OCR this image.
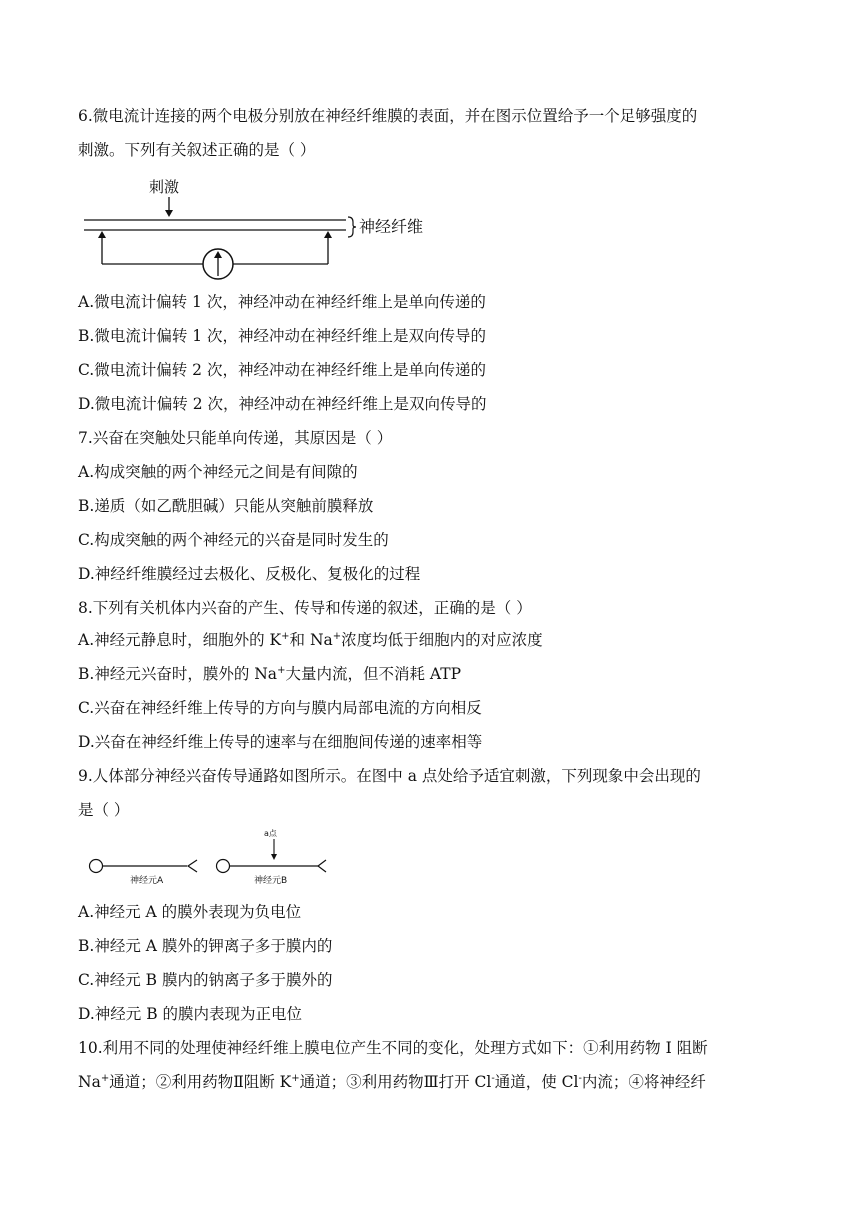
6.微电流计连接的两个电极分别放在神经纤维膜的表面，并在图示位置给予一个足够强度的
刺激。下列有关叙述正确的是（ ）
刺激
神经纤维
A.微电流计偏转 1 次，神经冲动在神经纤维上是单向传递的
B.微电流计偏转 1 次，神经冲动在神经纤维上是双向传导的
C.微电流计偏转 2 次，神经冲动在神经纤维上是单向传递的
D.微电流计偏转 2 次，神经冲动在神经纤维上是双向传导的
7.兴奋在突触处只能单向传递，其原因是（ ）
A.构成突触的两个神经元之间是有间隙的
B.递质（如乙酰胆碱）只能从突触前膜释放
C.构成突触的两个神经元的兴奋是同时发生的
D.神经纤维膜经过去极化、反极化、复极化的过程
8.下列有关机体内兴奋的产生、传导和传递的叙述，正确的是（ ）
A.神经元静息时，细胞外的 K+和 Na+浓度均低于细胞内的对应浓度
B.神经元兴奋时，膜外的 Na+大量内流，但不消耗 ATP
C.兴奋在神经纤维上传导的方向与膜内局部电流的方向相反
D.兴奋在神经纤维上传导的速率与在细胞间传递的速率相等
9.人体部分神经兴奋传导通路如图所示。在图中 a 点处给予适宜刺激，下列现象中会出现的
是（ ）
a点
神经元A	神经元B
A.神经元 A 的膜外表现为负电位
B.神经元 A 膜外的钾离子多于膜内的
C.神经元 B 膜内的钠离子多于膜外的
D.神经元 B 的膜内表现为正电位
10.利用不同的处理使神经纤维上膜电位产生不同的变化，处理方式如下：①利用药物 I 阻断
Na+通道；②利用药物Ⅱ阻断 K+通道；③利用药物Ⅲ打开 Cl-通道，使 Cl-内流；④将神经纤
